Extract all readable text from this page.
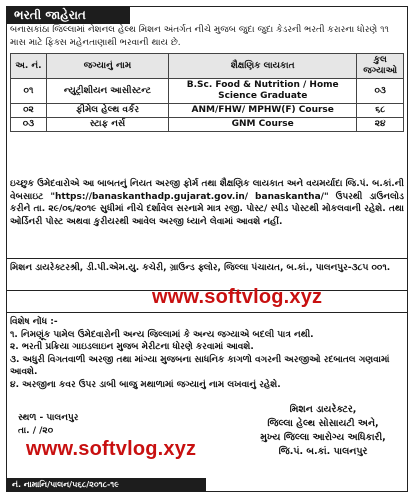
ભરતી જાહેરાત
બનાસકાંઠા જિલ્લામાં નેશનલ હેલ્થ મિશન અંતર્ગત નીચે મુજબ જુદા જુદા કેડરની ભરતી કરારના ધોરણે ૧૧ માસ માટે ફિક્સ મહેનતાણાથી ભરવાની થાય છે.
અ. નં.	જગ્યાનું નામ	શૈક્ષણિક લાયકાત	કુલ જગ્યાઓ
૦૧	ન્યુટ્રીશીયન આસીસ્ટન્ટ	B.Sc. Food & Nutrition / Home Science Graduate	૦૩
૦૨	ફીમેલ હેલ્થ વર્કર	ANM/FHW/ MPHW(F) Course	૬૮
૦૩	સ્ટાફ નર્સ	GNM Course	૨૪
ઇચ્છુક ઉમેદવારોએ આ બાબતનું નિયત અરજી ફોર્મ તથા શૈક્ષણિક લાયકાત અને વયમર્યાદા જિ.પં. બ.કાં.ની વેબસાઇટ "https://banaskanthadp.gujarat.gov.in/ banaskantha/" ઉપરથી ડાઉનલોડ કરીને તા. ૨૯/૦૬/૨૦૧૯ સુધીમાં નીચે દર્શાવેલ સરનામે માત્ર રજી. પોસ્ટ/ સ્પીડ પોસ્ટથી મોકલવાની રહેશે. તથા ઓર્ડિનરી પોસ્ટ અથવા કુરીયરથી આવેલ અરજી ધ્યાને લેવામાં આવશે નહીં.
મિશન ડાયરેક્ટરશ્રી, ડી.પી.એમ.યુ. કચેરી, ગ્રાઉન્ડ ફ્લોર, જિલ્લા પંચાયત, બ.કાં., પાલનપુર-૩૮૫ ૦૦૧.
www.softvlog.xyz
વિશેષ નોંધ :-
૧. નિમણૂંક પામેલ ઉમેદવારોની અન્ય જિલ્લામાં કે અન્ય જગ્યાએ બદલી પાત્ર નથી.
૨. ભરતી પ્રક્રિયા ગાઇડલાઇન મુજબ મેરીટના ધોરણે કરવામાં આવશે.
૩. અધુરી વિગતવાળી અરજી તથા માંગ્યા મુજબના સાધનિક કાગળો વગરની અરજીઓ રદબાતલ ગણવામાં આવશે.
૪. અરજીના કવર ઉપર ડાબી બાજુ મથાળામાં જગ્યાનું નામ લખવાનું રહેશે.
સ્થળ - પાલનપુર
તા. / /૨૦
www.softvlog.xyz
મિશન ડાયરેક્ટર,
જિલ્લા હેલ્થ સોસાયટી અને,
મુખ્ય જિલ્લા આરોગ્ય અધિકારી,
જિ.પં. બ.કાં. પાલનપુર
નં. નામાનિ/પાલન/૫૬૮/૨૦૧૮-૧૯
